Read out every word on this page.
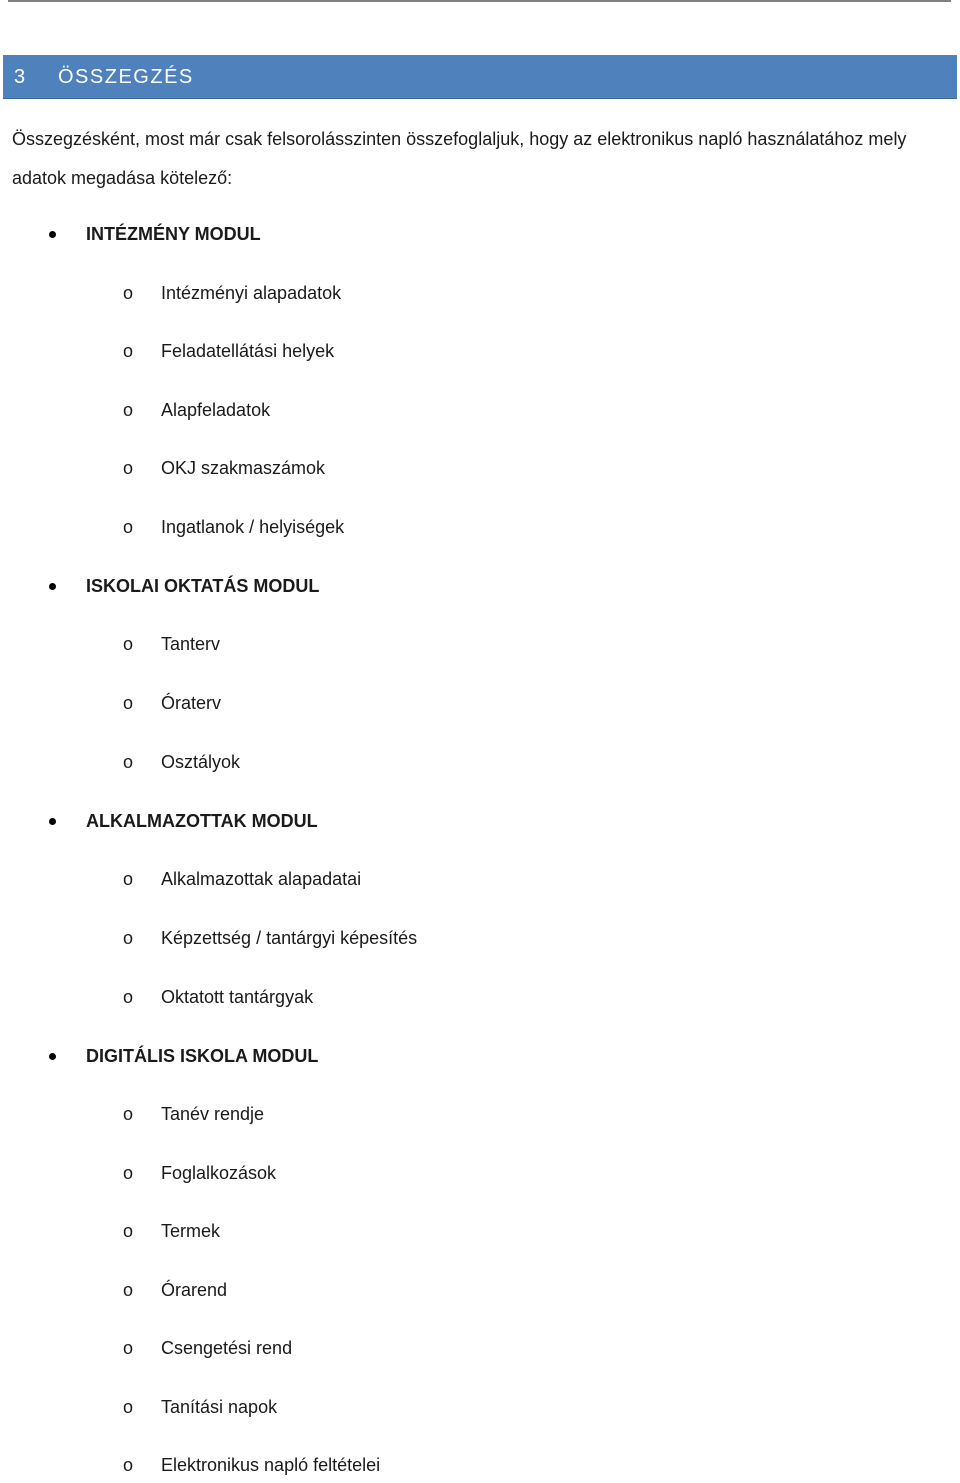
3 ÖSSZEGZÉS
Összegzésként, most már csak felsorolásszinten összefoglaljuk, hogy az elektronikus napló használatához mely adatok megadása kötelező:
INTÉZMÉNY MODUL
o Intézményi alapadatok
o Feladatellátási helyek
o Alapfeladatok
o OKJ szakmaszámok
o Ingatlanok / helyiségek
ISKOLAI OKTATÁS MODUL
o Tanterv
o Óraterv
o Osztályok
ALKALMAZOTTAK MODUL
o Alkalmazottak alapadatai
o Képzettség / tantárgyi képesítés
o Oktatott tantárgyak
DIGITÁLIS ISKOLA MODUL
o Tanév rendje
o Foglalkozások
o Termek
o Órarend
o Csengetési rend
o Tanítási napok
o Elektronikus napló feltételei
